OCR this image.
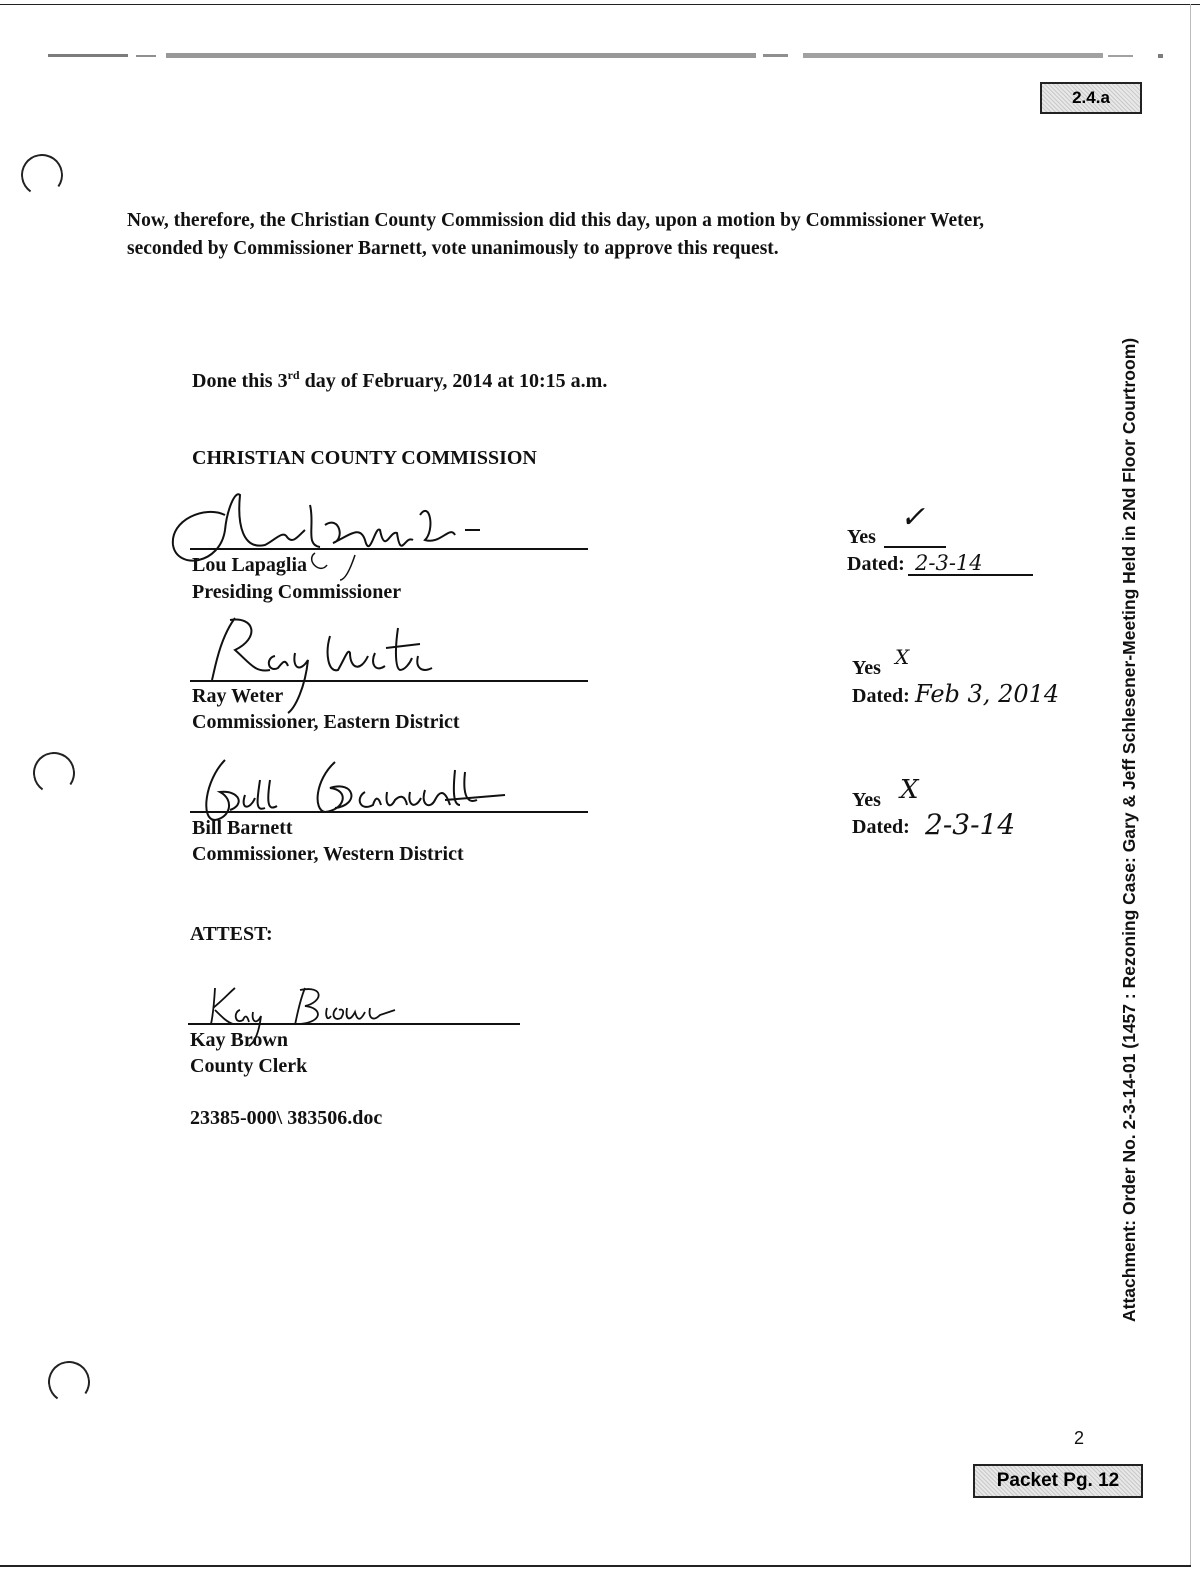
2.4.a
Now, therefore, the Christian County Commission did this day, upon a motion by Commissioner Weter, seconded by Commissioner Barnett, vote unanimously to approve this request.
Done this 3rd day of February, 2014 at 10:15 a.m.
CHRISTIAN COUNTY COMMISSION
Lou Lapaglia
Presiding Commissioner
Yes
✓
Dated: 2-3-14
Ray Weter
Commissioner, Eastern District
Yes X
Dated: Feb 3, 2014
Bill Barnett
Commissioner, Western District
Yes X
Dated: 2-3-14
ATTEST:
Kay Brown
County Clerk
23385-000\ 383506.doc	Attachment: Order No. 2-3-14-01 (1457 : Rezoning Case: Gary & Jeff Schlesener-Meeting Held in 2Nd Floor Courtroom)
2
Packet Pg. 12
